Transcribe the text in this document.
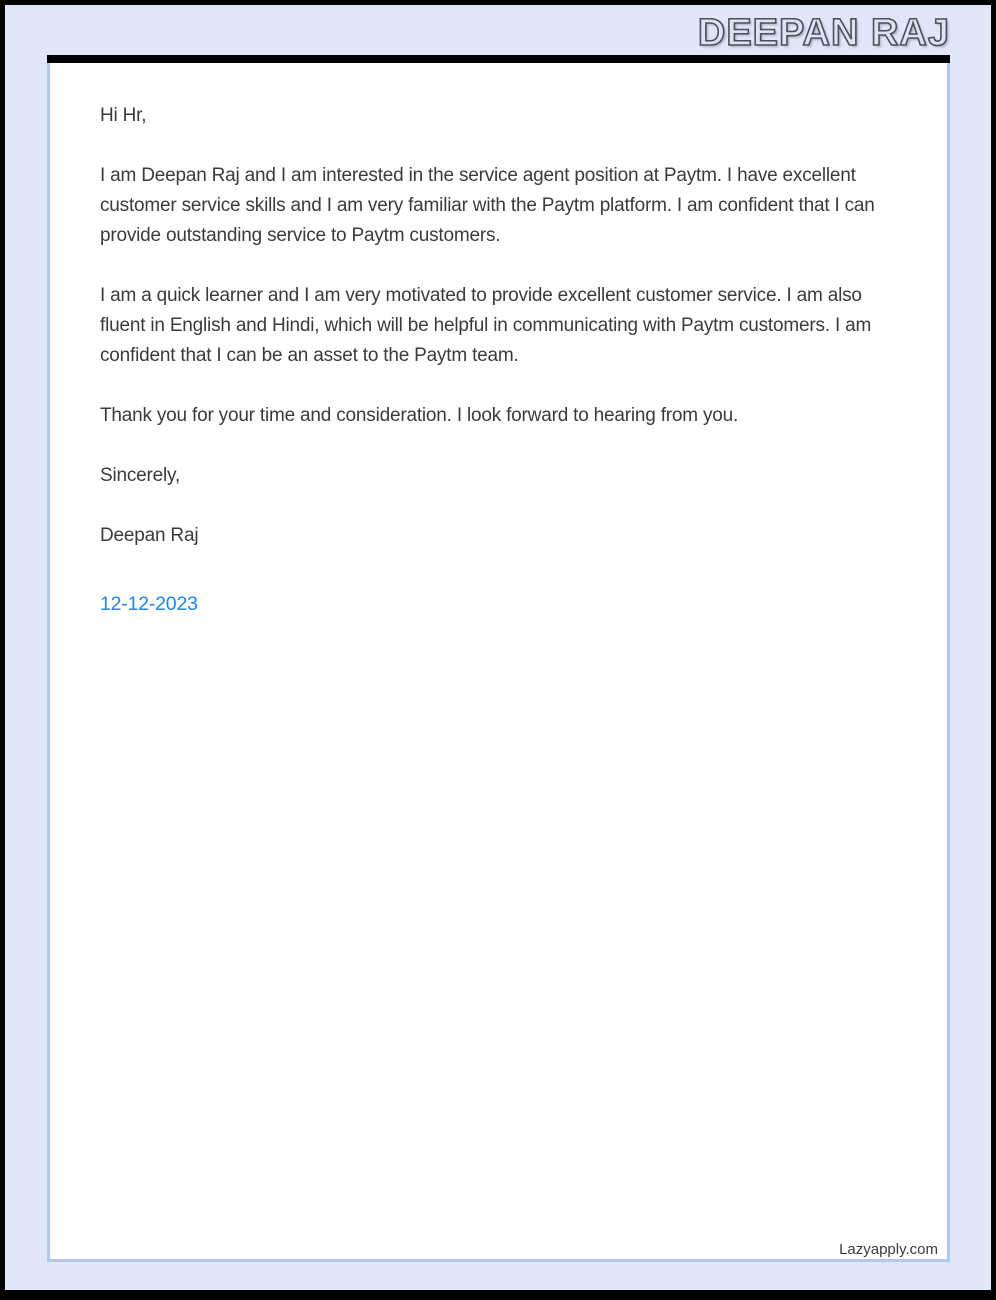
DEEPAN RAJ

Hi Hr,

I am Deepan Raj and I am interested in the service agent position at Paytm. I have excellent customer service skills and I am very familiar with the Paytm platform. I am confident that I can provide outstanding service to Paytm customers.

I am a quick learner and I am very motivated to provide excellent customer service. I am also fluent in English and Hindi, which will be helpful in communicating with Paytm customers. I am confident that I can be an asset to the Paytm team.

Thank you for your time and consideration. I look forward to hearing from you.

Sincerely,

Deepan Raj

12-12-2023
Lazyapply.com
